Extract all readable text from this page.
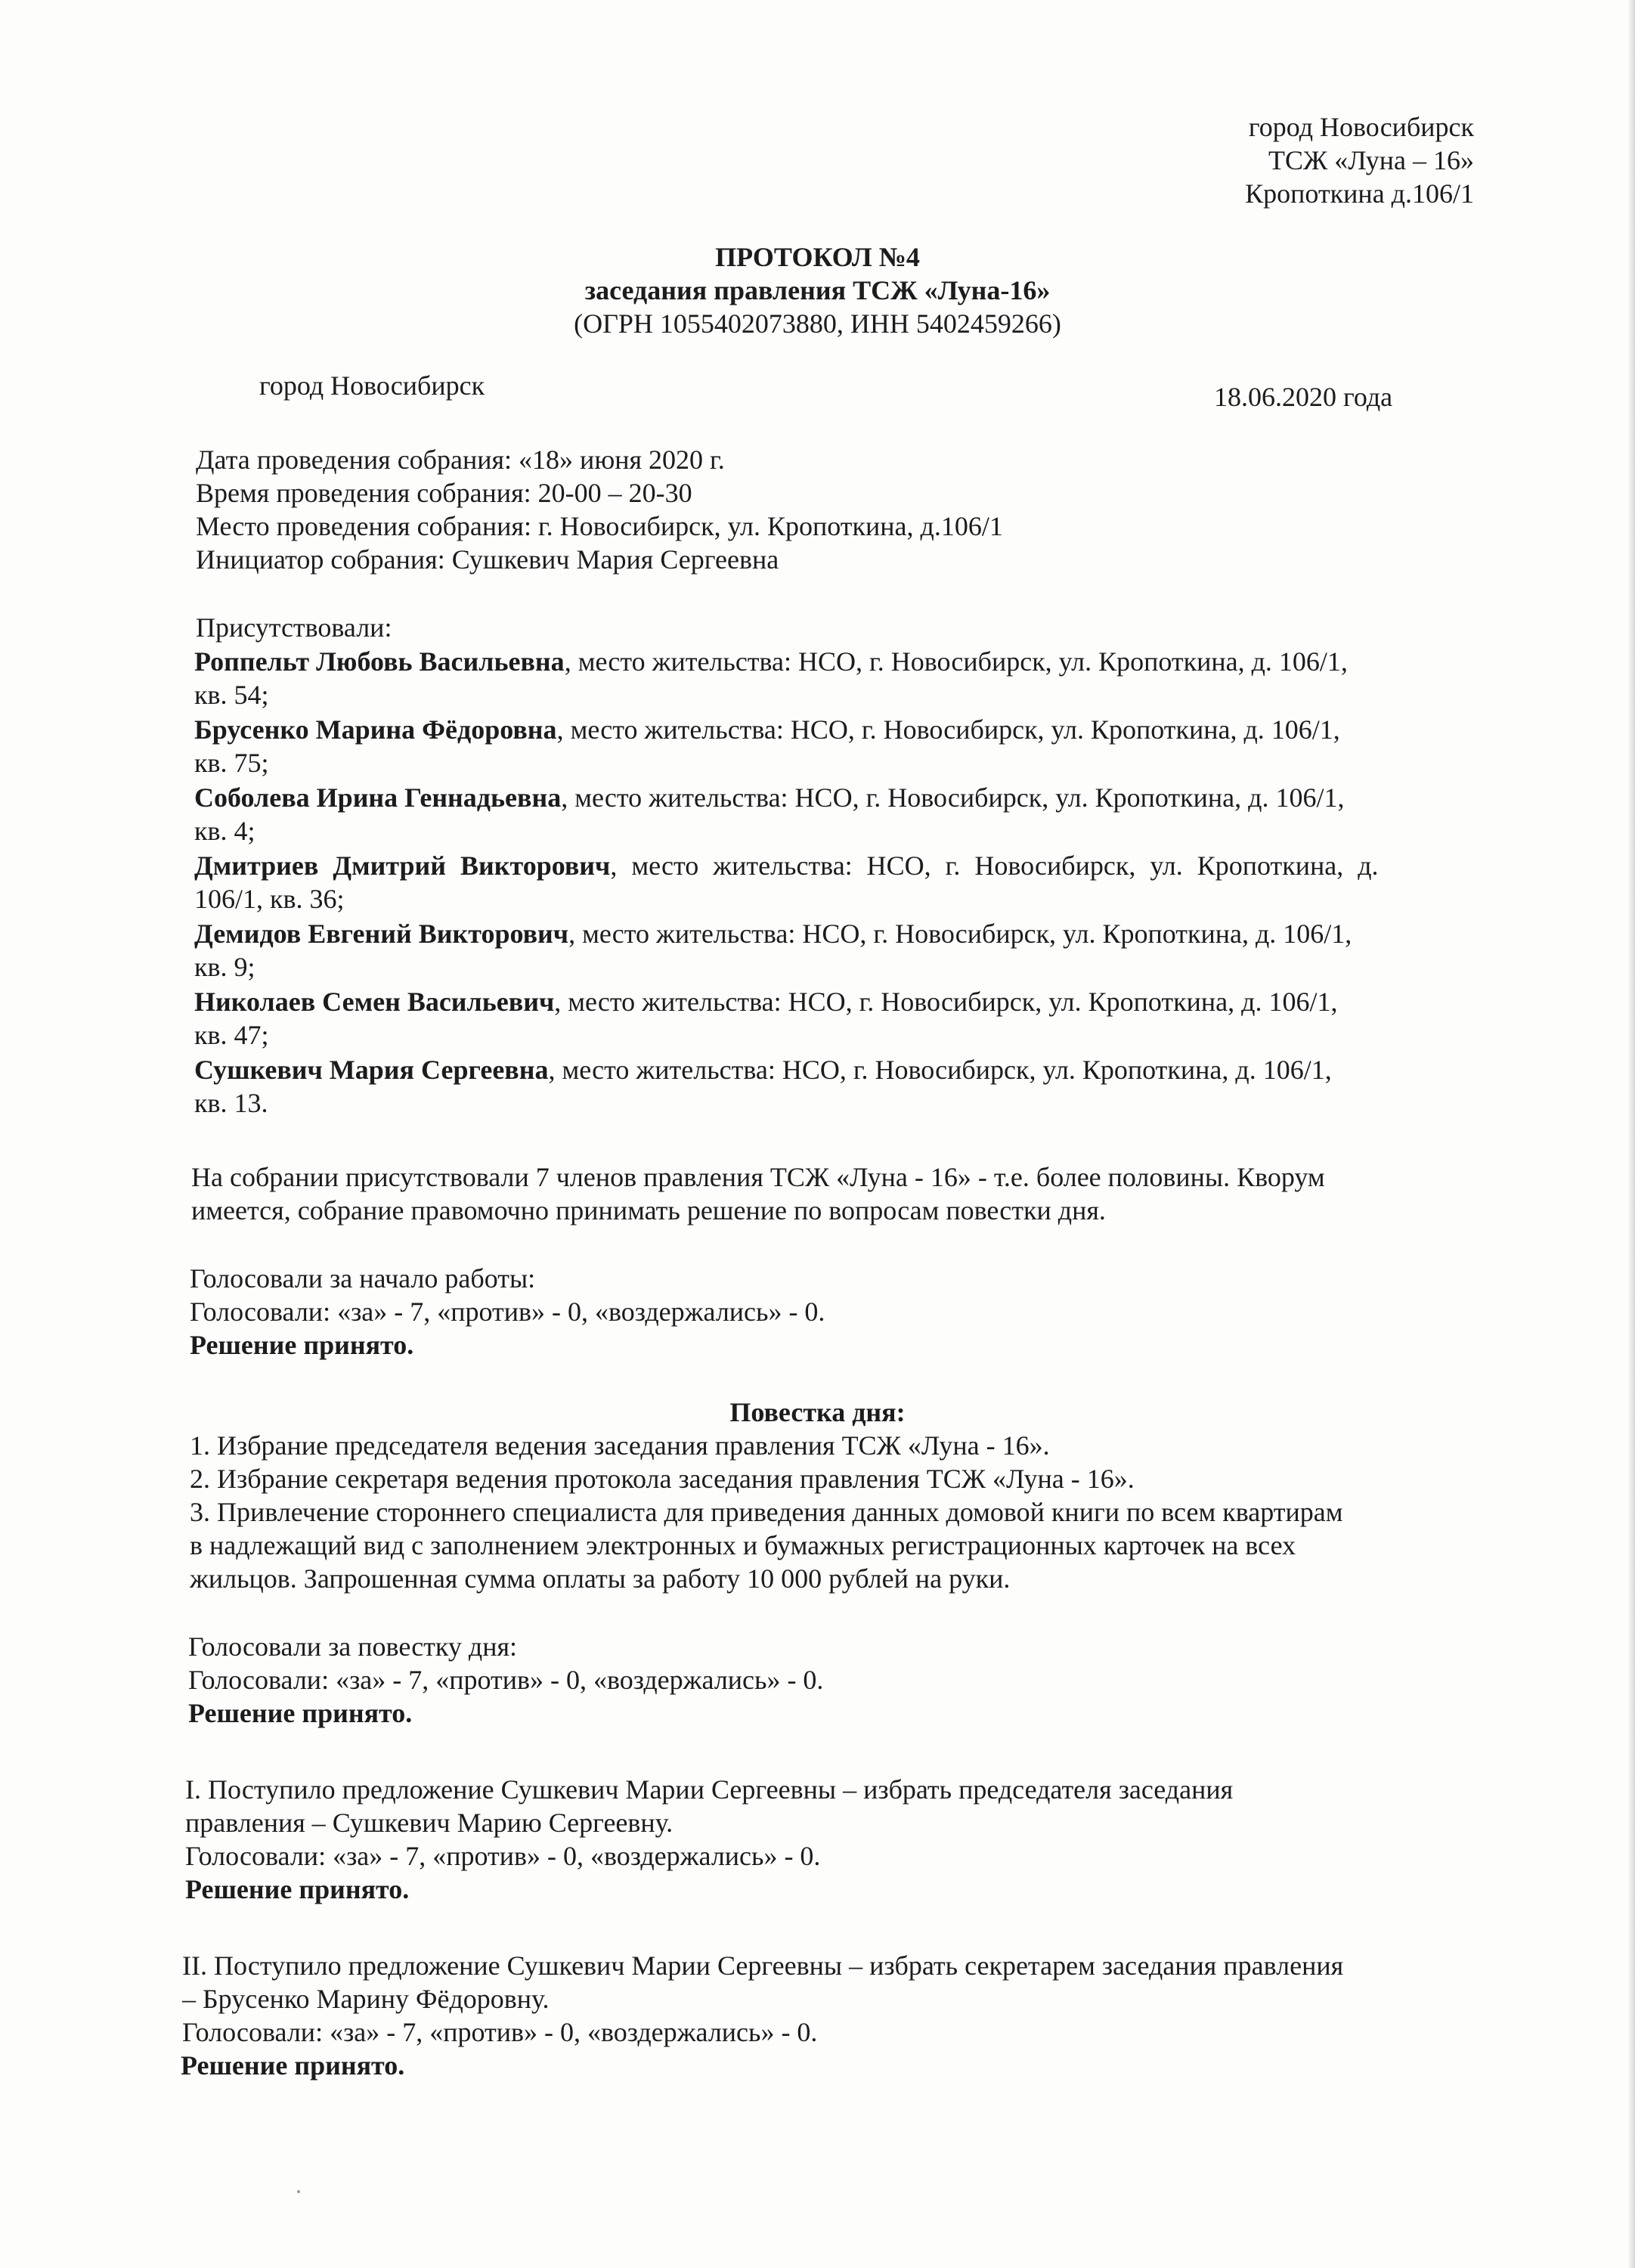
город Новосибирск
ТСЖ «Луна – 16»
Кропоткина д.106/1
ПРОТОКОЛ №4
заседания правления ТСЖ «Луна-16»
(ОГРН 1055402073880, ИНН 5402459266)
город Новосибирск	18.06.2020 года
Дата проведения собрания: «18» июня 2020 г.
Время проведения собрания: 20-00 – 20-30
Место проведения собрания: г. Новосибирск, ул. Кропоткина, д.106/1
Инициатор собрания: Сушкевич Мария Сергеевна
Присутствовали:
Роппельт Любовь Васильевна, место жительства: НСО, г. Новосибирск, ул. Кропоткина, д. 106/1,
кв. 54;
Брусенко Марина Фёдоровна, место жительства: НСО, г. Новосибирск, ул. Кропоткина, д. 106/1,
кв. 75;
Соболева Ирина Геннадьевна, место жительства: НСО, г. Новосибирск, ул. Кропоткина, д. 106/1,
кв. 4;
Дмитриев Дмитрий Викторович, место жительства: НСО, г. Новосибирск, ул. Кропоткина, д.
106/1, кв. 36;
Демидов Евгений Викторович, место жительства: НСО, г. Новосибирск, ул. Кропоткина, д. 106/1,
кв. 9;
Николаев Семен Васильевич, место жительства: НСО, г. Новосибирск, ул. Кропоткина, д. 106/1,
кв. 47;
Сушкевич Мария Сергеевна, место жительства: НСО, г. Новосибирск, ул. Кропоткина, д. 106/1,
кв. 13.
На собрании присутствовали 7 членов правления ТСЖ «Луна - 16» - т.е. более половины. Кворум
имеется, собрание правомочно принимать решение по вопросам повестки дня.
Голосовали за начало работы:
Голосовали: «за» - 7, «против» - 0, «воздержались» - 0.
Решение принято.
Повестка дня:
1. Избрание председателя ведения заседания правления ТСЖ «Луна - 16».
2. Избрание секретаря ведения протокола заседания правления ТСЖ «Луна - 16».
3. Привлечение стороннего специалиста для приведения данных домовой книги по всем квартирам
в надлежащий вид с заполнением электронных и бумажных регистрационных карточек на всех
жильцов. Запрошенная сумма оплаты за работу 10 000 рублей на руки.
Голосовали за повестку дня:
Голосовали: «за» - 7, «против» - 0, «воздержались» - 0.
Решение принято.
I. Поступило предложение Сушкевич Марии Сергеевны – избрать председателя заседания
правления – Сушкевич Марию Сергеевну.
Голосовали: «за» - 7, «против» - 0, «воздержались» - 0.
Решение принято.
II. Поступило предложение Сушкевич Марии Сергеевны – избрать секретарем заседания правления
– Брусенко Марину Фёдоровну.
Голосовали: «за» - 7, «против» - 0, «воздержались» - 0.
Решение принято.
